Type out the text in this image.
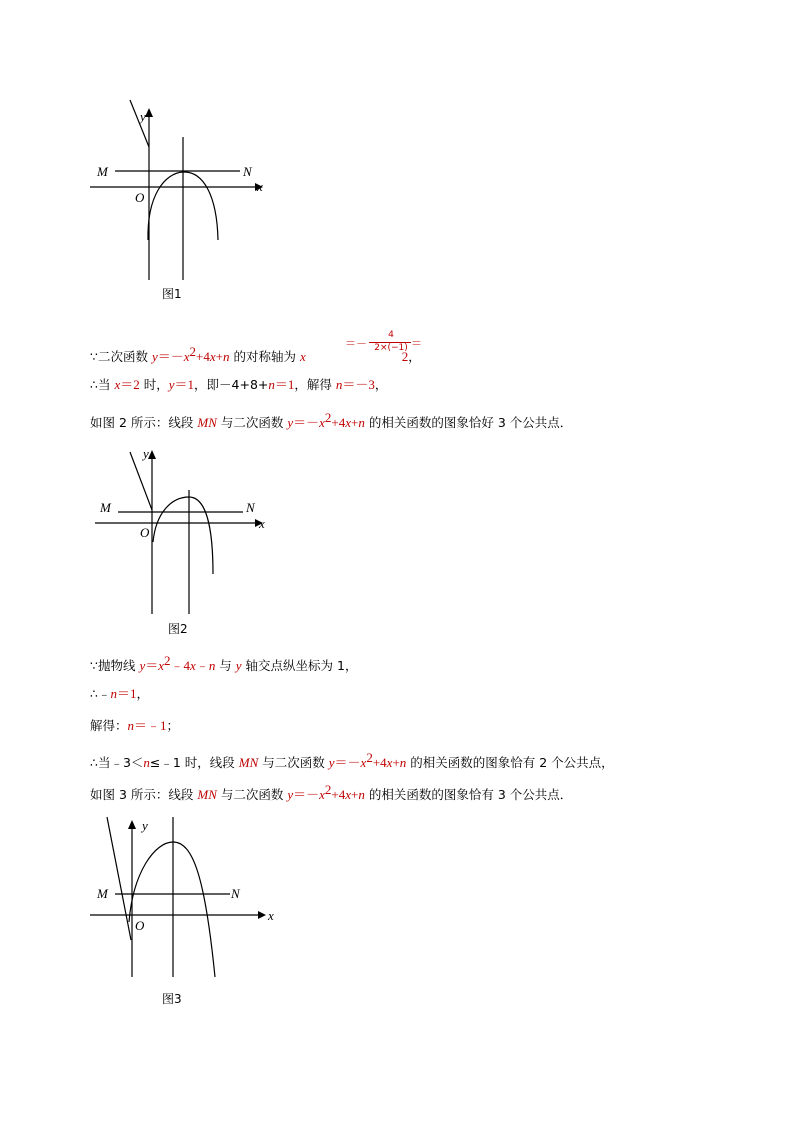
y
x
M	N
O
图1
＝－
4
2×(−1) ＝
∵二次函数 $y=-x^2+4x+n$ 的对称轴为 x	2，
∴当 x＝2 时，y＝1，即－4+8+n＝1，解得 n＝－3，
如图 2 所示：线段 MN 与二次函数 $y=-x^2+4x+n$ 的相关函数的图象恰好 3 个公共点．
y
x
M	N
O
图2
∵抛物线 $y=x^2﹣4x﹣n$ 与 y 轴交点纵坐标为 1，
∴﹣n＝1，
解得：n＝﹣1；
∴当﹣3＜n≤﹣1 时，线段 MN 与二次函数 $y=-x^2+4x+n$ 的相关函数的图象恰有 2 个公共点，
如图 3 所示：线段 MN 与二次函数 $y=-x^2+4x+n$ 的相关函数的图象恰有 3 个公共点．
y
x
M	N
O
图3
